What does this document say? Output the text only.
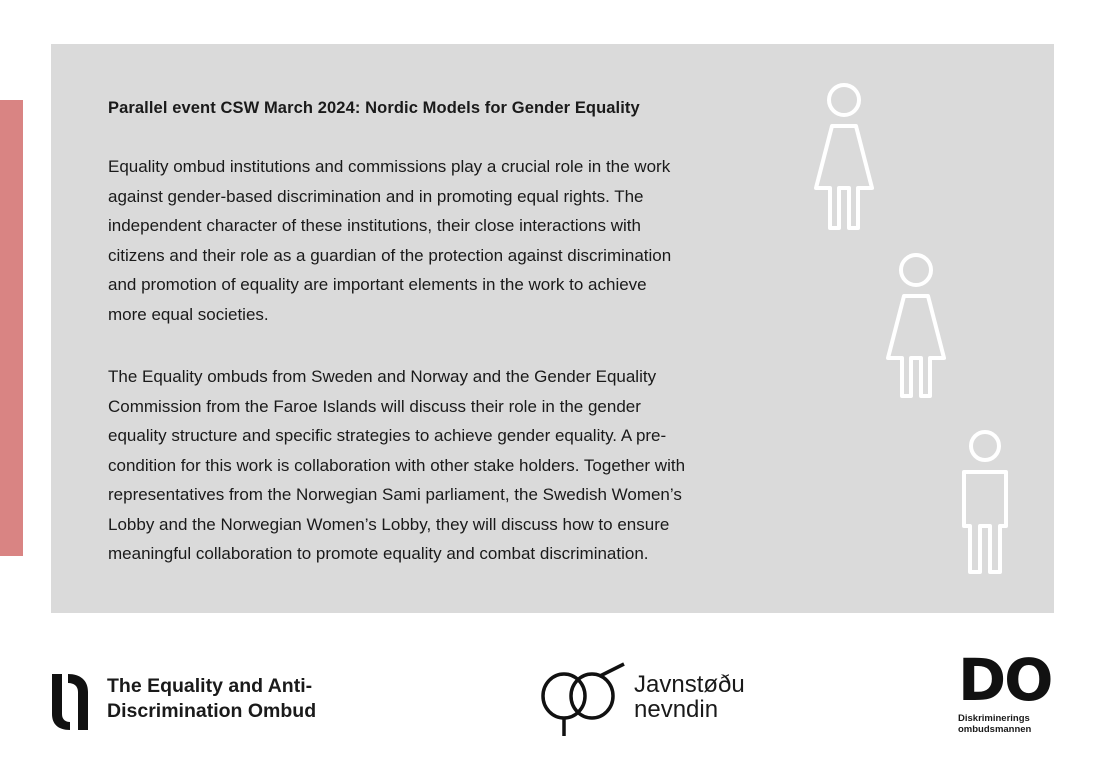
Parallel event CSW March 2024: Nordic Models for Gender Equality

Equality ombud institutions and commissions play a crucial role in the work
against gender-based discrimination and in promoting equal rights. The
independent character of these institutions, their close interactions with
citizens and their role as a guardian of the protection against discrimination
and promotion of equality are important elements in the work to achieve
more equal societies.

The Equality ombuds from Sweden and Norway and the Gender Equality
Commission from the Faroe Islands will discuss their role in the gender
equality structure and specific strategies to achieve gender equality. A pre-
condition for this work is collaboration with other stake holders. Together with
representatives from the Norwegian Sami parliament, the Swedish Women’s
Lobby and the Norwegian Women’s Lobby, they will discuss how to ensure
meaningful collaboration to promote equality and combat discrimination.

The Equality and Anti-
Discrimination Ombud

Javnstøðu
nevndin	DO

Diskriminerings
ombudsmannen
